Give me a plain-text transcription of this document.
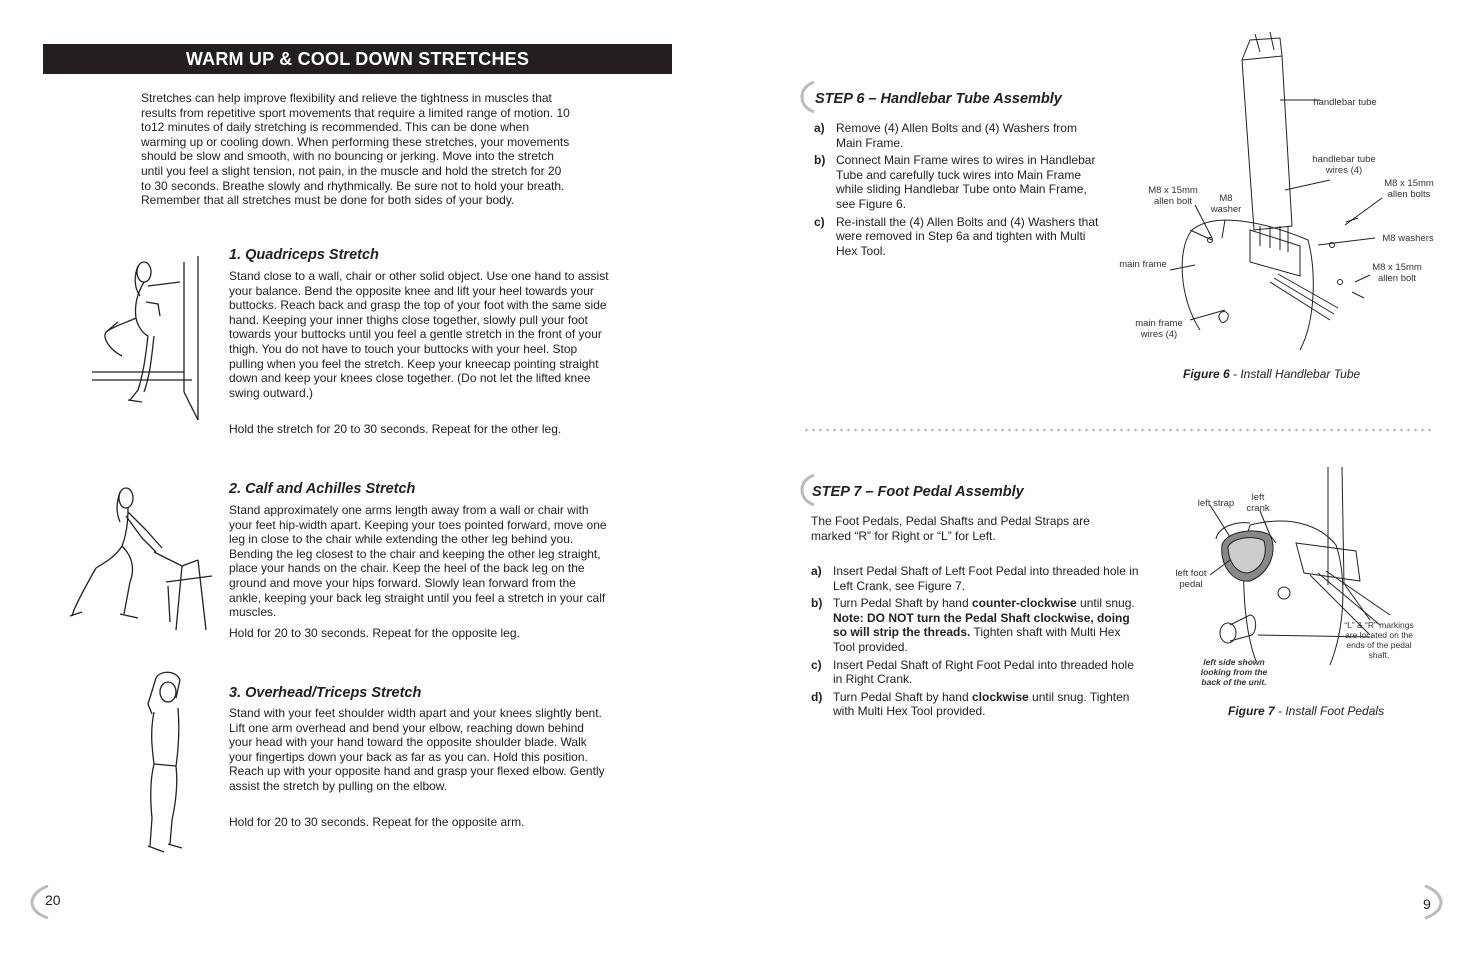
WARM UP & COOL DOWN STRETCHES

Stretches can help improve flexibility and relieve the tightness in muscles that results from repetitive sport movements that require a limited range of motion. 10 to12 minutes of daily stretching is recommended. This can be done when warming up or cooling down. When performing these stretches, your movements should be slow and smooth, with no bouncing or jerking. Move into the stretch until you feel a slight tension, not pain, in the muscle and hold the stretch for 20 to 30 seconds. Breathe slowly and rhythmically. Be sure not to hold your breath. Remember that all stretches must be done for both sides of your body.

1. Quadriceps Stretch

Stand close to a wall, chair or other solid object. Use one hand to assist your balance. Bend the opposite knee and lift your heel towards your buttocks. Reach back and grasp the top of your foot with the same side hand. Keeping your inner thighs close together, slowly pull your foot towards your buttocks until you feel a gentle stretch in the front of your thigh. You do not have to touch your buttocks with your heel. Stop pulling when you feel the stretch. Keep your kneecap pointing straight down and keep your knees close together. (Do not let the lifted knee swing outward.)

Hold the stretch for 20 to 30 seconds. Repeat for the other leg.

2. Calf and Achilles Stretch

Stand approximately one arms length away from a wall or chair with your feet hip-width apart. Keeping your toes pointed forward, move one leg in close to the chair while extending the other leg behind you. Bending the leg closest to the chair and keeping the other leg straight, place your hands on the chair. Keep the heel of the back leg on the ground and move your hips forward. Slowly lean forward from the ankle, keeping your back leg straight until you feel a stretch in your calf muscles.

Hold for 20 to 30 seconds. Repeat for the opposite leg.

3. Overhead/Triceps Stretch

Stand with your feet shoulder width apart and your knees slightly bent. Lift one arm overhead and bend your elbow, reaching down behind your head with your hand toward the opposite shoulder blade. Walk your fingertips down your back as far as you can. Hold this position. Reach up with your opposite hand and grasp your flexed elbow. Gently assist the stretch by pulling on the elbow.

Hold for 20 to 30 seconds. Repeat for the opposite arm.

20

STEP 6 – Handlebar Tube Assembly

a) Remove (4) Allen Bolts and (4) Washers from Main Frame.
b) Connect Main Frame wires to wires in Handlebar Tube and carefully tuck wires into Main Frame while sliding Handlebar Tube onto Main Frame, see Figure 6.
c) Re-install the (4) Allen Bolts and (4) Washers that were removed in Step 6a and tighten with Multi Hex Tool.
handlebar tube
handlebar tube wires (4)
M8 x 15mm allen bolt	M8 washer
M8 x 15mm allen bolts
M8 washers
M8 x 15mm allen bolt
main frame
main frame wires (4)
Figure 6 - Install Handlebar Tube

STEP 7 – Foot Pedal Assembly

The Foot Pedals, Pedal Shafts and Pedal Straps are marked “R” for Right or “L” for Left.

a) Insert Pedal Shaft of Left Foot Pedal into threaded hole in Left Crank, see Figure 7.
b) Turn Pedal Shaft by hand counter-clockwise until snug. Note: DO NOT turn the Pedal Shaft clockwise, doing so will strip the threads. Tighten shaft with Multi Hex Tool provided.
c) Insert Pedal Shaft of Right Foot Pedal into threaded hole in Right Crank.
d) Turn Pedal Shaft by hand clockwise until snug. Tighten with Multi Hex Tool provided.
left strap
left crank
left foot pedal
“L” & “R” markings are located on the ends of the pedal shaft.
left side shown looking from the back of the unit.
Figure 7 - Install Foot Pedals
9
